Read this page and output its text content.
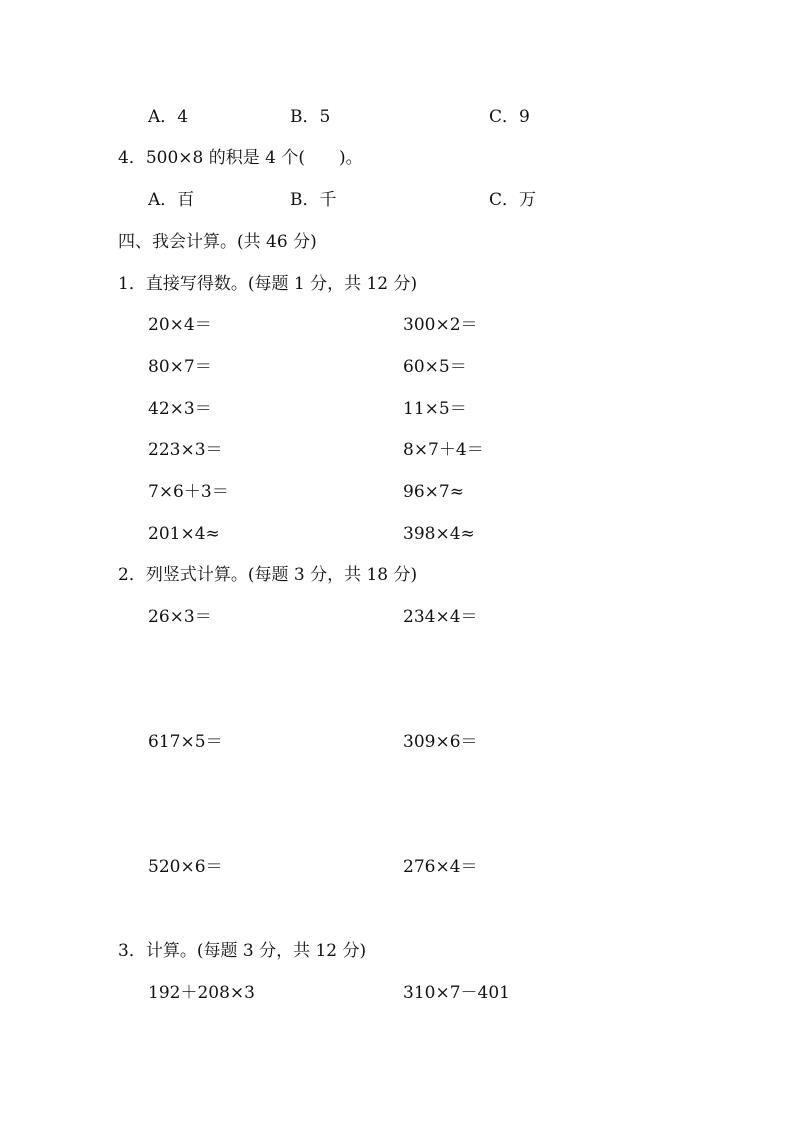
A．4	B．5	C．9
4．500×8 的积是 4 个(　　)。
A．百	B．千	C．万
四、我会计算。(共 46 分)
1．直接写得数。(每题 1 分，共 12 分)
20×4＝	300×2＝
80×7＝	60×5＝
42×3＝	11×5＝
223×3＝	8×7＋4＝
7×6＋3＝	96×7≈
201×4≈	398×4≈
2．列竖式计算。(每题 3 分，共 18 分)
26×3＝	234×4＝
617×5＝	309×6＝
520×6＝	276×4＝
3．计算。(每题 3 分，共 12 分)
192＋208×3	310×7－401
